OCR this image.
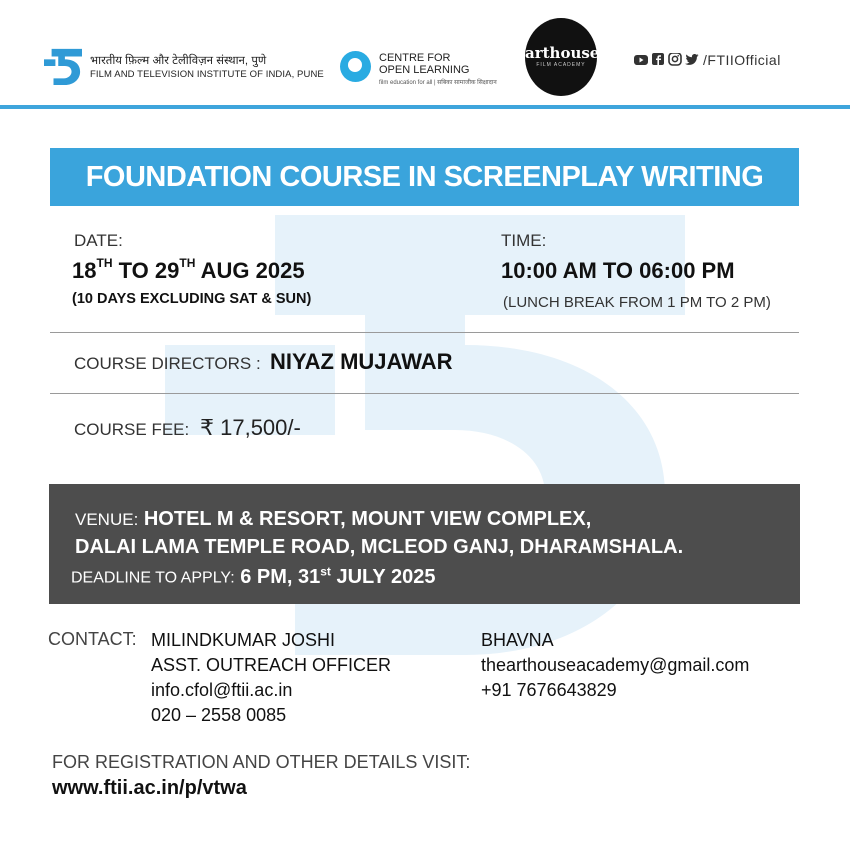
भारतीय फ़िल्म और टेलीविज़न संस्थान, पुणे
FILM AND TELEVISION INSTITUTE OF INDIA, PUNE
CENTRE FOR
OPEN LEARNING
film education for all | सबिका सामाजीक सिक्षादान
arthouse
FILM ACADEMY	/FTIIOfficial
FOUNDATION COURSE IN SCREENPLAY WRITING
DATE:
18TH TO 29TH AUG 2025
(10 DAYS EXCLUDING SAT & SUN)
TIME:
10:00 AM TO 06:00 PM
(LUNCH BREAK FROM 1 PM TO 2 PM)
COURSE DIRECTORS : NIYAZ MUJAWAR
COURSE FEE: ₹ 17,500/-
VENUE: HOTEL M & RESORT, MOUNT VIEW COMPLEX,
DALAI LAMA TEMPLE ROAD, MCLEOD GANJ, DHARAMSHALA.
DEADLINE TO APPLY: 6 PM, 31st JULY 2025
CONTACT: MILINDKUMAR JOSHI
ASST. OUTREACH OFFICER
info.cfol@ftii.ac.in
020 – 2558 0085
BHAVNA
thearthouseacademy@gmail.com
+91 7676643829
FOR REGISTRATION AND OTHER DETAILS VISIT:
www.ftii.ac.in/p/vtwa
